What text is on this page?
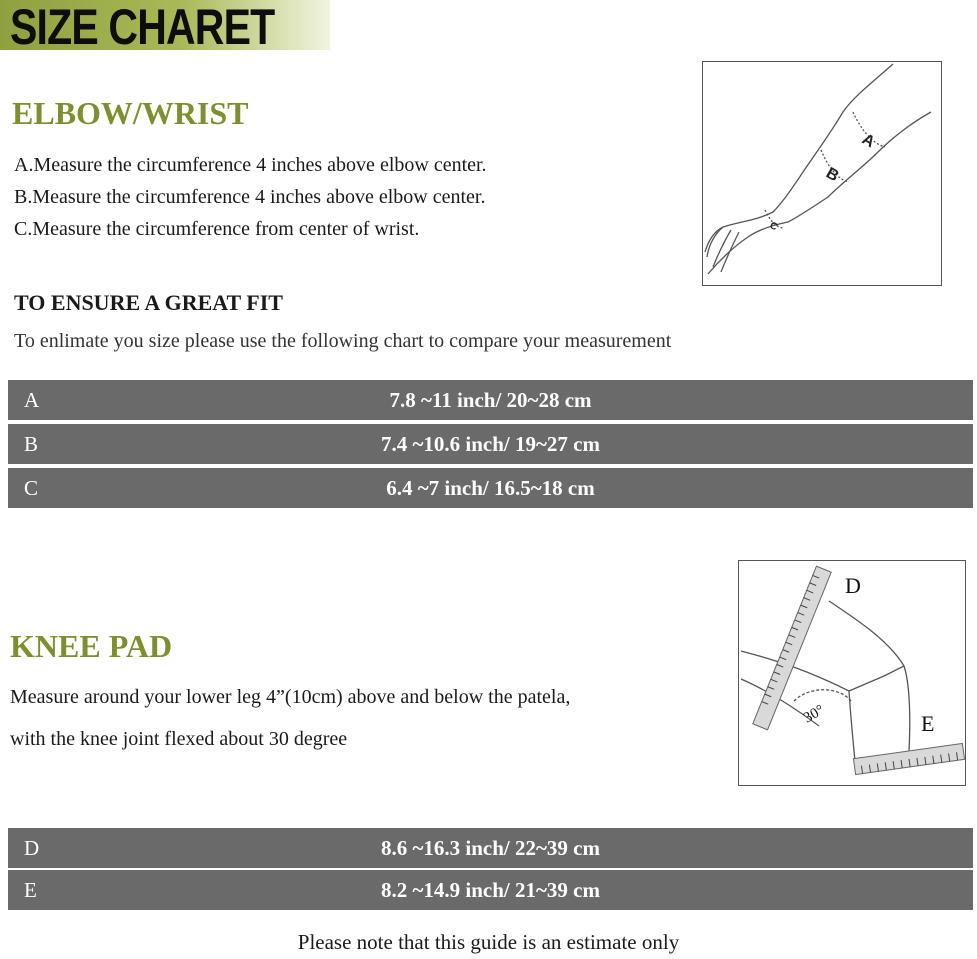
SIZE CHARET
ELBOW/WRIST
A.Measure the circumference 4 inches above elbow center.
B.Measure the circumference 4 inches above elbow center.
C.Measure the circumference from center of wrist.
A
B
C
TO ENSURE A GREAT FIT
To enlimate you size please use the following chart to compare your measurement
A	7.8 ~11 inch/ 20~28 cm
B	7.4 ~10.6 inch/ 19~27 cm
C	6.4 ~7 inch/ 16.5~18 cm
KNEE PAD
Measure around your lower leg 4”(10cm) above and below the patela,
with the knee joint flexed about 30 degree
D
E
30°
D	8.6 ~16.3 inch/ 22~39 cm
E	8.2 ~14.9 inch/ 21~39 cm
Please note that this guide is an estimate only
